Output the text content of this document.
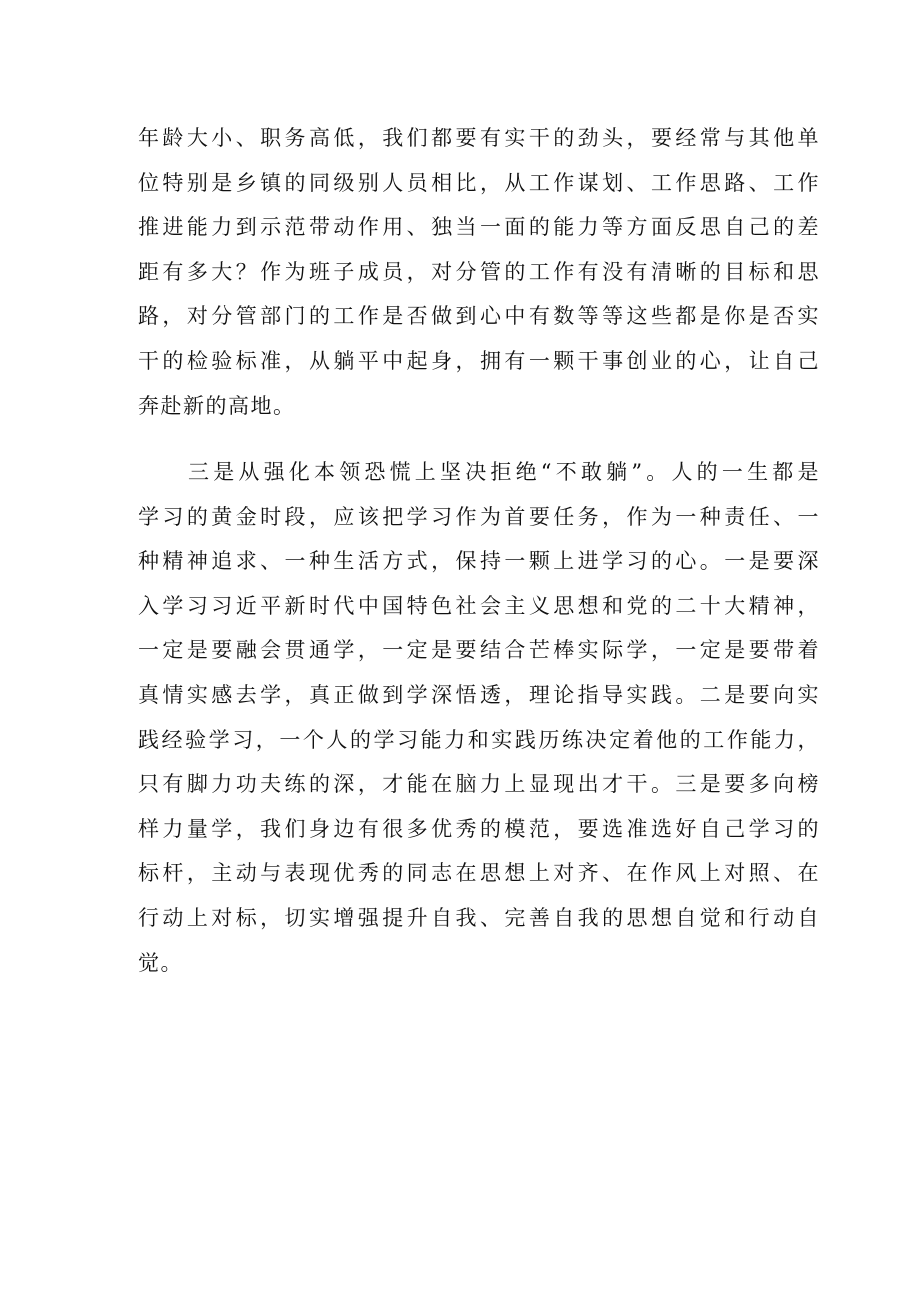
年龄大小、职务高低，我们都要有实干的劲头，要经常与其他单
位特别是乡镇的同级别人员相比，从工作谋划、工作思路、工作
推进能力到示范带动作用、独当一面的能力等方面反思自己的差
距有多大？作为班子成员，对分管的工作有没有清晰的目标和思
路，对分管部门的工作是否做到心中有数等等这些都是你是否实
干的检验标准，从躺平中起身，拥有一颗干事创业的心，让自己
奔赴新的高地。
三是从强化本领恐慌上坚决拒绝“不敢躺”。人的一生都是
学习的黄金时段，应该把学习作为首要任务，作为一种责任、一
种精神追求、一种生活方式，保持一颗上进学习的心。一是要深
入学习习近平新时代中国特色社会主义思想和党的二十大精神，
一定是要融会贯通学，一定是要结合芒棒实际学，一定是要带着
真情实感去学，真正做到学深悟透，理论指导实践。二是要向实
践经验学习，一个人的学习能力和实践历练决定着他的工作能力，
只有脚力功夫练的深，才能在脑力上显现出才干。三是要多向榜
样力量学，我们身边有很多优秀的模范，要选准选好自己学习的
标杆，主动与表现优秀的同志在思想上对齐、在作风上对照、在
行动上对标，切实增强提升自我、完善自我的思想自觉和行动自
觉。
